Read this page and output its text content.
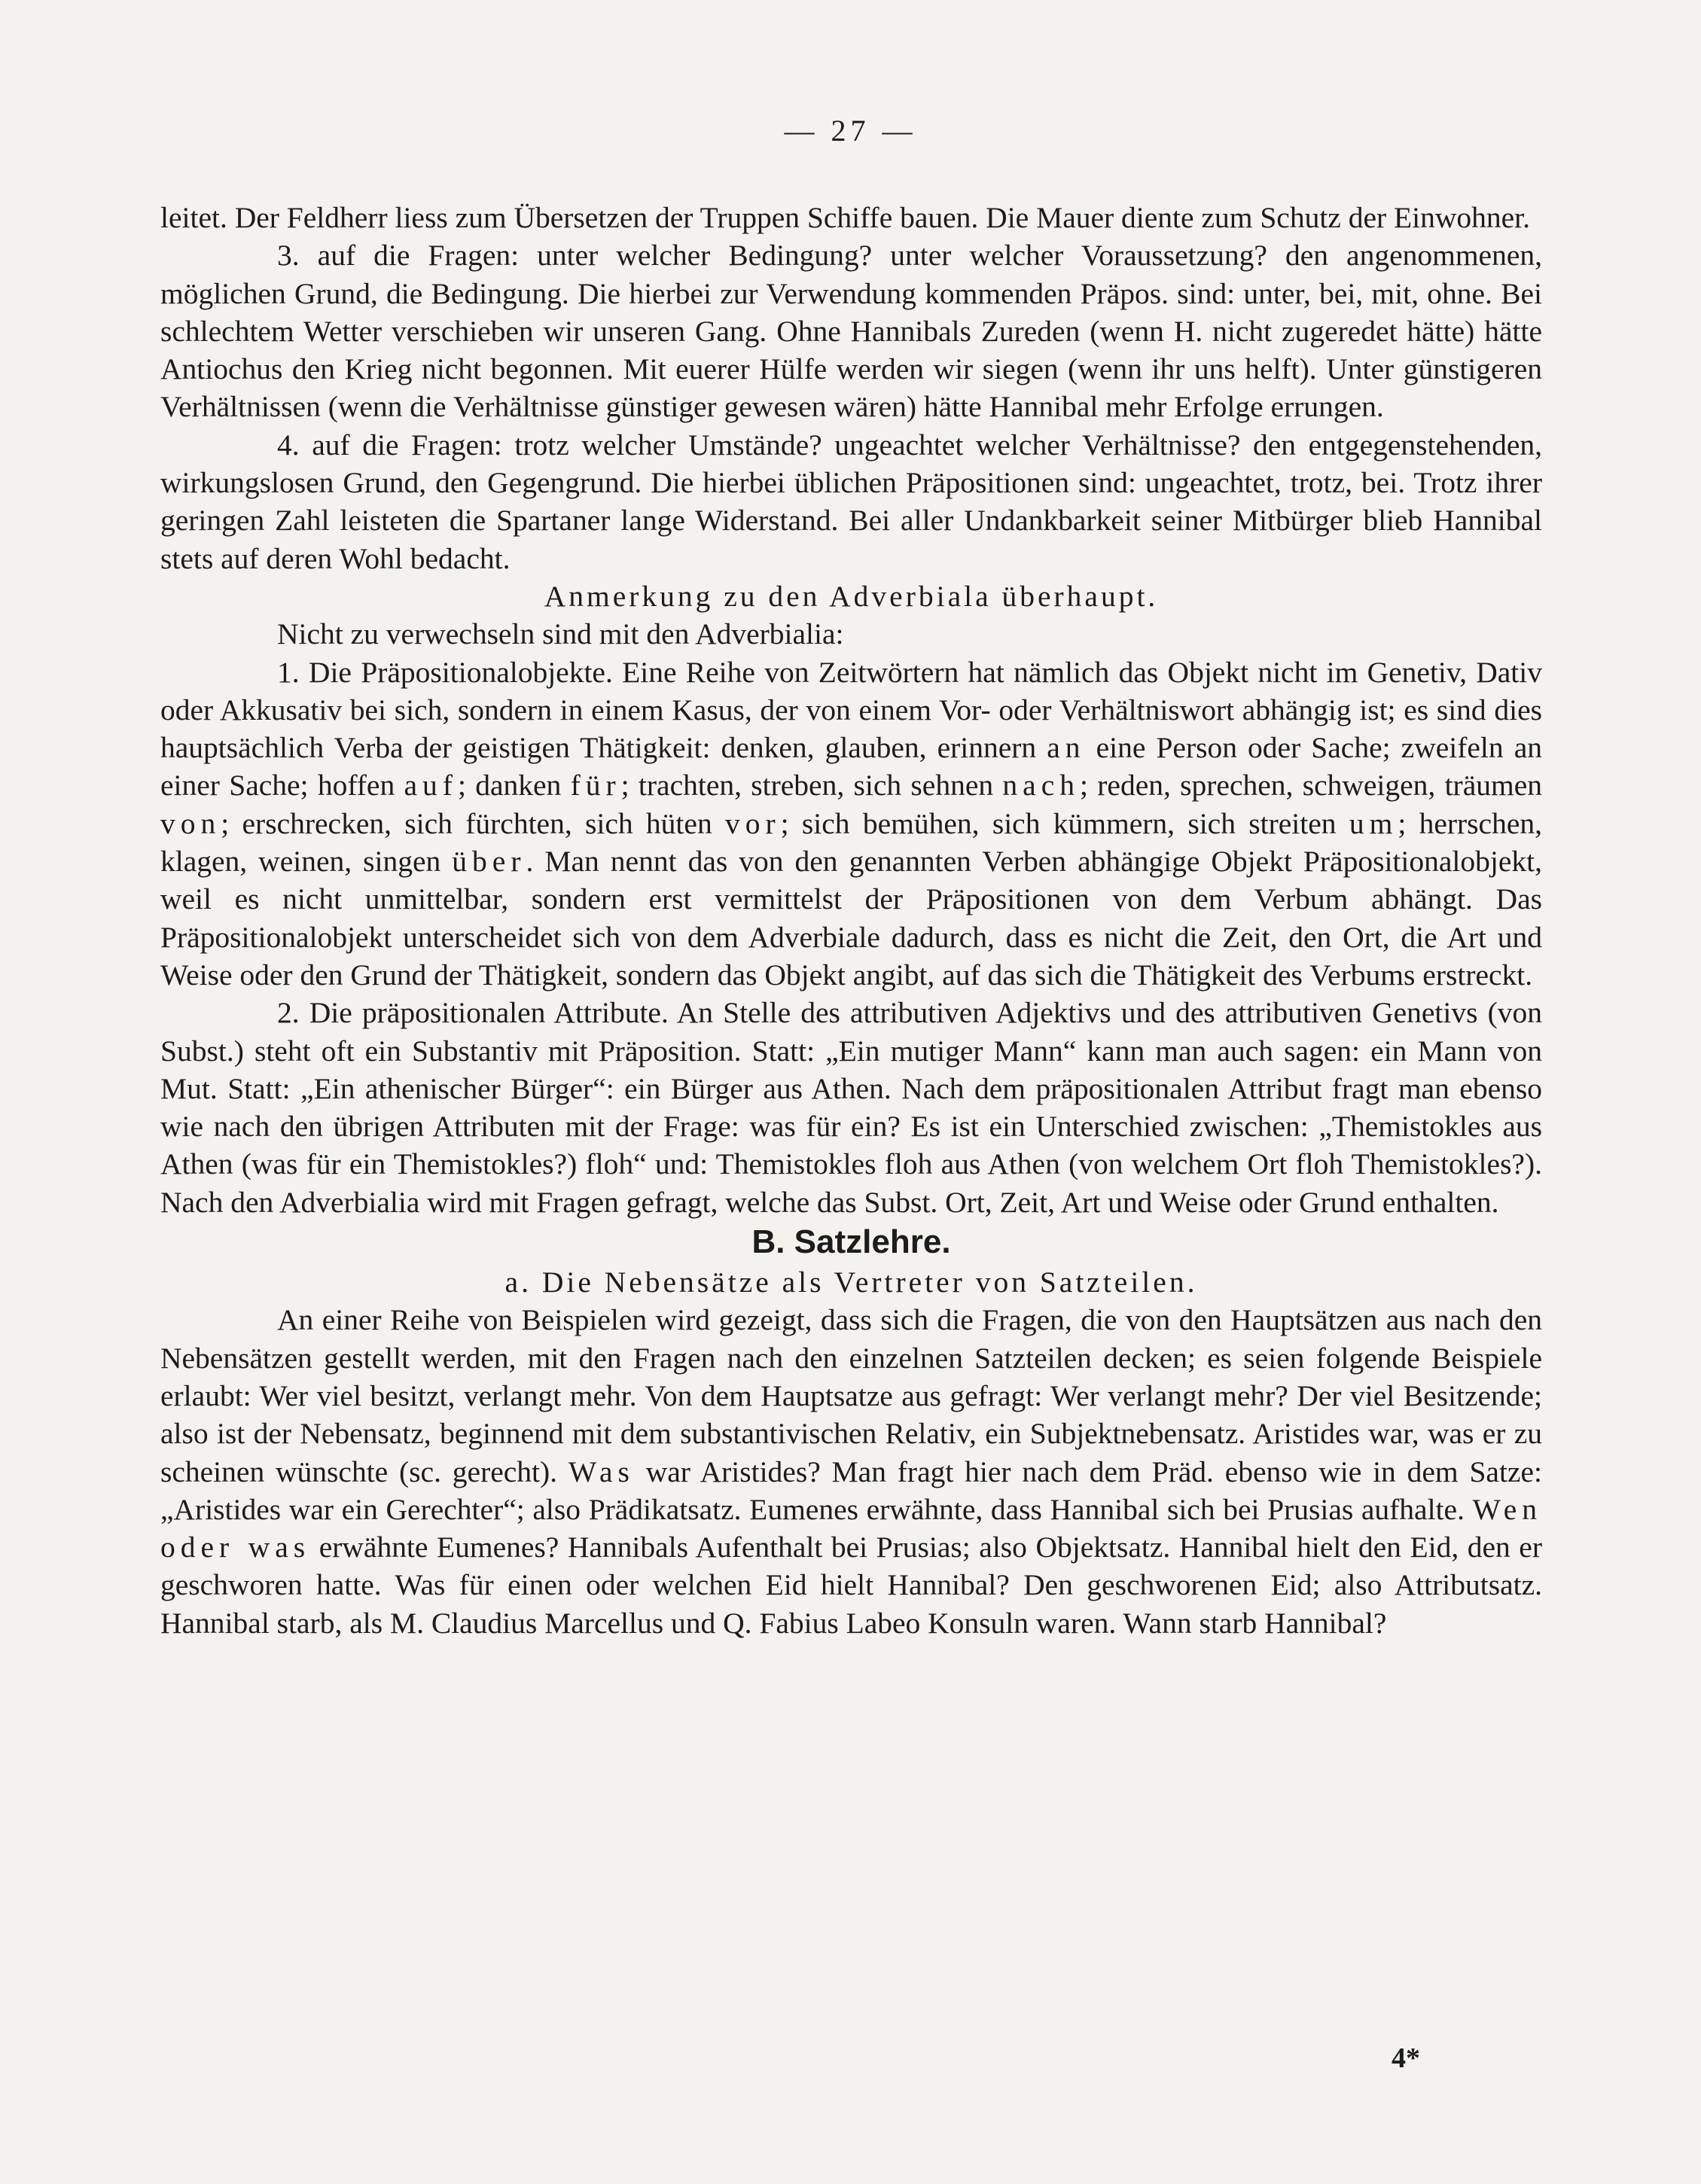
— 27 —

leitet. Der Feldherr liess zum Übersetzen der Truppen Schiffe bauen. Die Mauer diente zum Schutz der Einwohner.

3. auf die Fragen: unter welcher Bedingung? unter welcher Voraussetzung? den angenommenen, möglichen Grund, die Bedingung. Die hierbei zur Verwendung kommenden Präpos. sind: unter, bei, mit, ohne. Bei schlechtem Wetter verschieben wir unseren Gang. Ohne Hannibals Zureden (wenn H. nicht zugeredet hätte) hätte Antiochus den Krieg nicht begonnen. Mit euerer Hülfe werden wir siegen (wenn ihr uns helft). Unter günstigeren Verhältnissen (wenn die Verhältnisse günstiger gewesen wären) hätte Hannibal mehr Erfolge errungen.

4. auf die Fragen: trotz welcher Umstände? ungeachtet welcher Verhältnisse? den entgegenstehenden, wirkungslosen Grund, den Gegengrund. Die hierbei üblichen Präpositionen sind: ungeachtet, trotz, bei. Trotz ihrer geringen Zahl leisteten die Spartaner lange Widerstand. Bei aller Undankbarkeit seiner Mitbürger blieb Hannibal stets auf deren Wohl bedacht.

Anmerkung zu den Adverbiala überhaupt.

Nicht zu verwechseln sind mit den Adverbialia:

1. Die Präpositionalobjekte. Eine Reihe von Zeitwörtern hat nämlich das Objekt nicht im Genetiv, Dativ oder Akkusativ bei sich, sondern in einem Kasus, der von einem Vor- oder Verhältniswort abhängig ist; es sind dies hauptsächlich Verba der geistigen Thätigkeit: denken, glauben, erinnern an eine Person oder Sache; zweifeln an einer Sache; hoffen auf; danken für; trachten, streben, sich sehnen nach; reden, sprechen, schweigen, träumen von; erschrecken, sich fürchten, sich hüten vor; sich bemühen, sich kümmern, sich streiten um; herrschen, klagen, weinen, singen über. Man nennt das von den genannten Verben abhängige Objekt Präpositionalobjekt, weil es nicht unmittelbar, sondern erst vermittelst der Präpositionen von dem Verbum abhängt. Das Präpositionalobjekt unterscheidet sich von dem Adverbiale dadurch, dass es nicht die Zeit, den Ort, die Art und Weise oder den Grund der Thätigkeit, sondern das Objekt angibt, auf das sich die Thätigkeit des Verbums erstreckt.

2. Die präpositionalen Attribute. An Stelle des attributiven Adjektivs und des attributiven Genetivs (von Subst.) steht oft ein Substantiv mit Präposition. Statt: „Ein mutiger Mann“ kann man auch sagen: ein Mann von Mut. Statt: „Ein athenischer Bürger“: ein Bürger aus Athen. Nach dem präpositionalen Attribut fragt man ebenso wie nach den übrigen Attributen mit der Frage: was für ein? Es ist ein Unterschied zwischen: „Themistokles aus Athen (was für ein Themistokles?) floh“ und: Themistokles floh aus Athen (von welchem Ort floh Themistokles?). Nach den Adverbialia wird mit Fragen gefragt, welche das Subst. Ort, Zeit, Art und Weise oder Grund enthalten.

B. Satzlehre.

a. Die Nebensätze als Vertreter von Satzteilen.

An einer Reihe von Beispielen wird gezeigt, dass sich die Fragen, die von den Hauptsätzen aus nach den Nebensätzen gestellt werden, mit den Fragen nach den einzelnen Satzteilen decken; es seien folgende Beispiele erlaubt: Wer viel besitzt, verlangt mehr. Von dem Hauptsatze aus gefragt: Wer verlangt mehr? Der viel Besitzende; also ist der Nebensatz, beginnend mit dem substantivischen Relativ, ein Subjektnebensatz. Aristides war, was er zu scheinen wünschte (sc. gerecht). Was war Aristides? Man fragt hier nach dem Präd. ebenso wie in dem Satze: „Aristides war ein Gerechter“; also Prädikatsatz. Eumenes erwähnte, dass Hannibal sich bei Prusias aufhalte. Wen oder was erwähnte Eumenes? Hannibals Aufenthalt bei Prusias; also Objektsatz. Hannibal hielt den Eid, den er geschworen hatte. Was für einen oder welchen Eid hielt Hannibal? Den geschworenen Eid; also Attributsatz. Hannibal starb, als M. Claudius Marcellus und Q. Fabius Labeo Konsuln waren. Wann starb Hannibal?

4*
